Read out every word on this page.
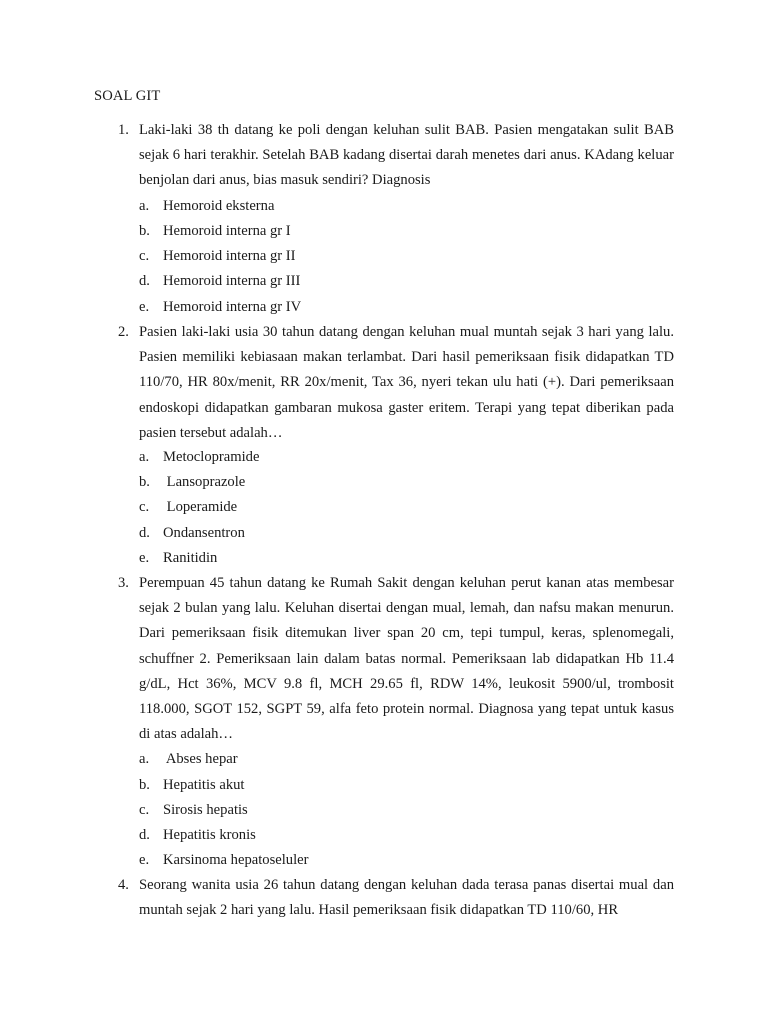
SOAL GIT
1. Laki-laki 38 th datang ke poli dengan keluhan sulit BAB. Pasien mengatakan sulit BAB sejak 6 hari terakhir. Setelah BAB kadang disertai darah menetes dari anus. KAdang keluar benjolan dari anus, bias masuk sendiri? Diagnosis
a. Hemoroid eksterna
b. Hemoroid interna gr I
c. Hemoroid interna gr II
d. Hemoroid interna gr III
e. Hemoroid interna gr IV
2. Pasien laki-laki usia 30 tahun datang dengan keluhan mual muntah sejak 3 hari yang lalu. Pasien memiliki kebiasaan makan terlambat. Dari hasil pemeriksaan fisik didapatkan TD 110/70, HR 80x/menit, RR 20x/menit, Tax 36, nyeri tekan ulu hati (+). Dari pemeriksaan endoskopi didapatkan gambaran mukosa gaster eritem. Terapi yang tepat diberikan pada pasien tersebut adalah…
a. Metoclopramide
b. Lansoprazole
c. Loperamide
d. Ondansentron
e. Ranitidin
3. Perempuan 45 tahun datang ke Rumah Sakit dengan keluhan perut kanan atas membesar sejak 2 bulan yang lalu. Keluhan disertai dengan mual, lemah, dan nafsu makan menurun. Dari pemeriksaan fisik ditemukan liver span 20 cm, tepi tumpul, keras, splenomegali, schuffner 2. Pemeriksaan lain dalam batas normal. Pemeriksaan lab didapatkan Hb 11.4 g/dL, Hct 36%, MCV 9.8 fl, MCH 29.65 fl, RDW 14%, leukosit 5900/ul, trombosit 118.000, SGOT 152, SGPT 59, alfa feto protein normal. Diagnosa yang tepat untuk kasus di atas adalah…
a. Abses hepar
b. Hepatitis akut
c. Sirosis hepatis
d. Hepatitis kronis
e. Karsinoma hepatoseluler
4. Seorang wanita usia 26 tahun datang dengan keluhan dada terasa panas disertai mual dan muntah sejak 2 hari yang lalu. Hasil pemeriksaan fisik didapatkan TD 110/60, HR
